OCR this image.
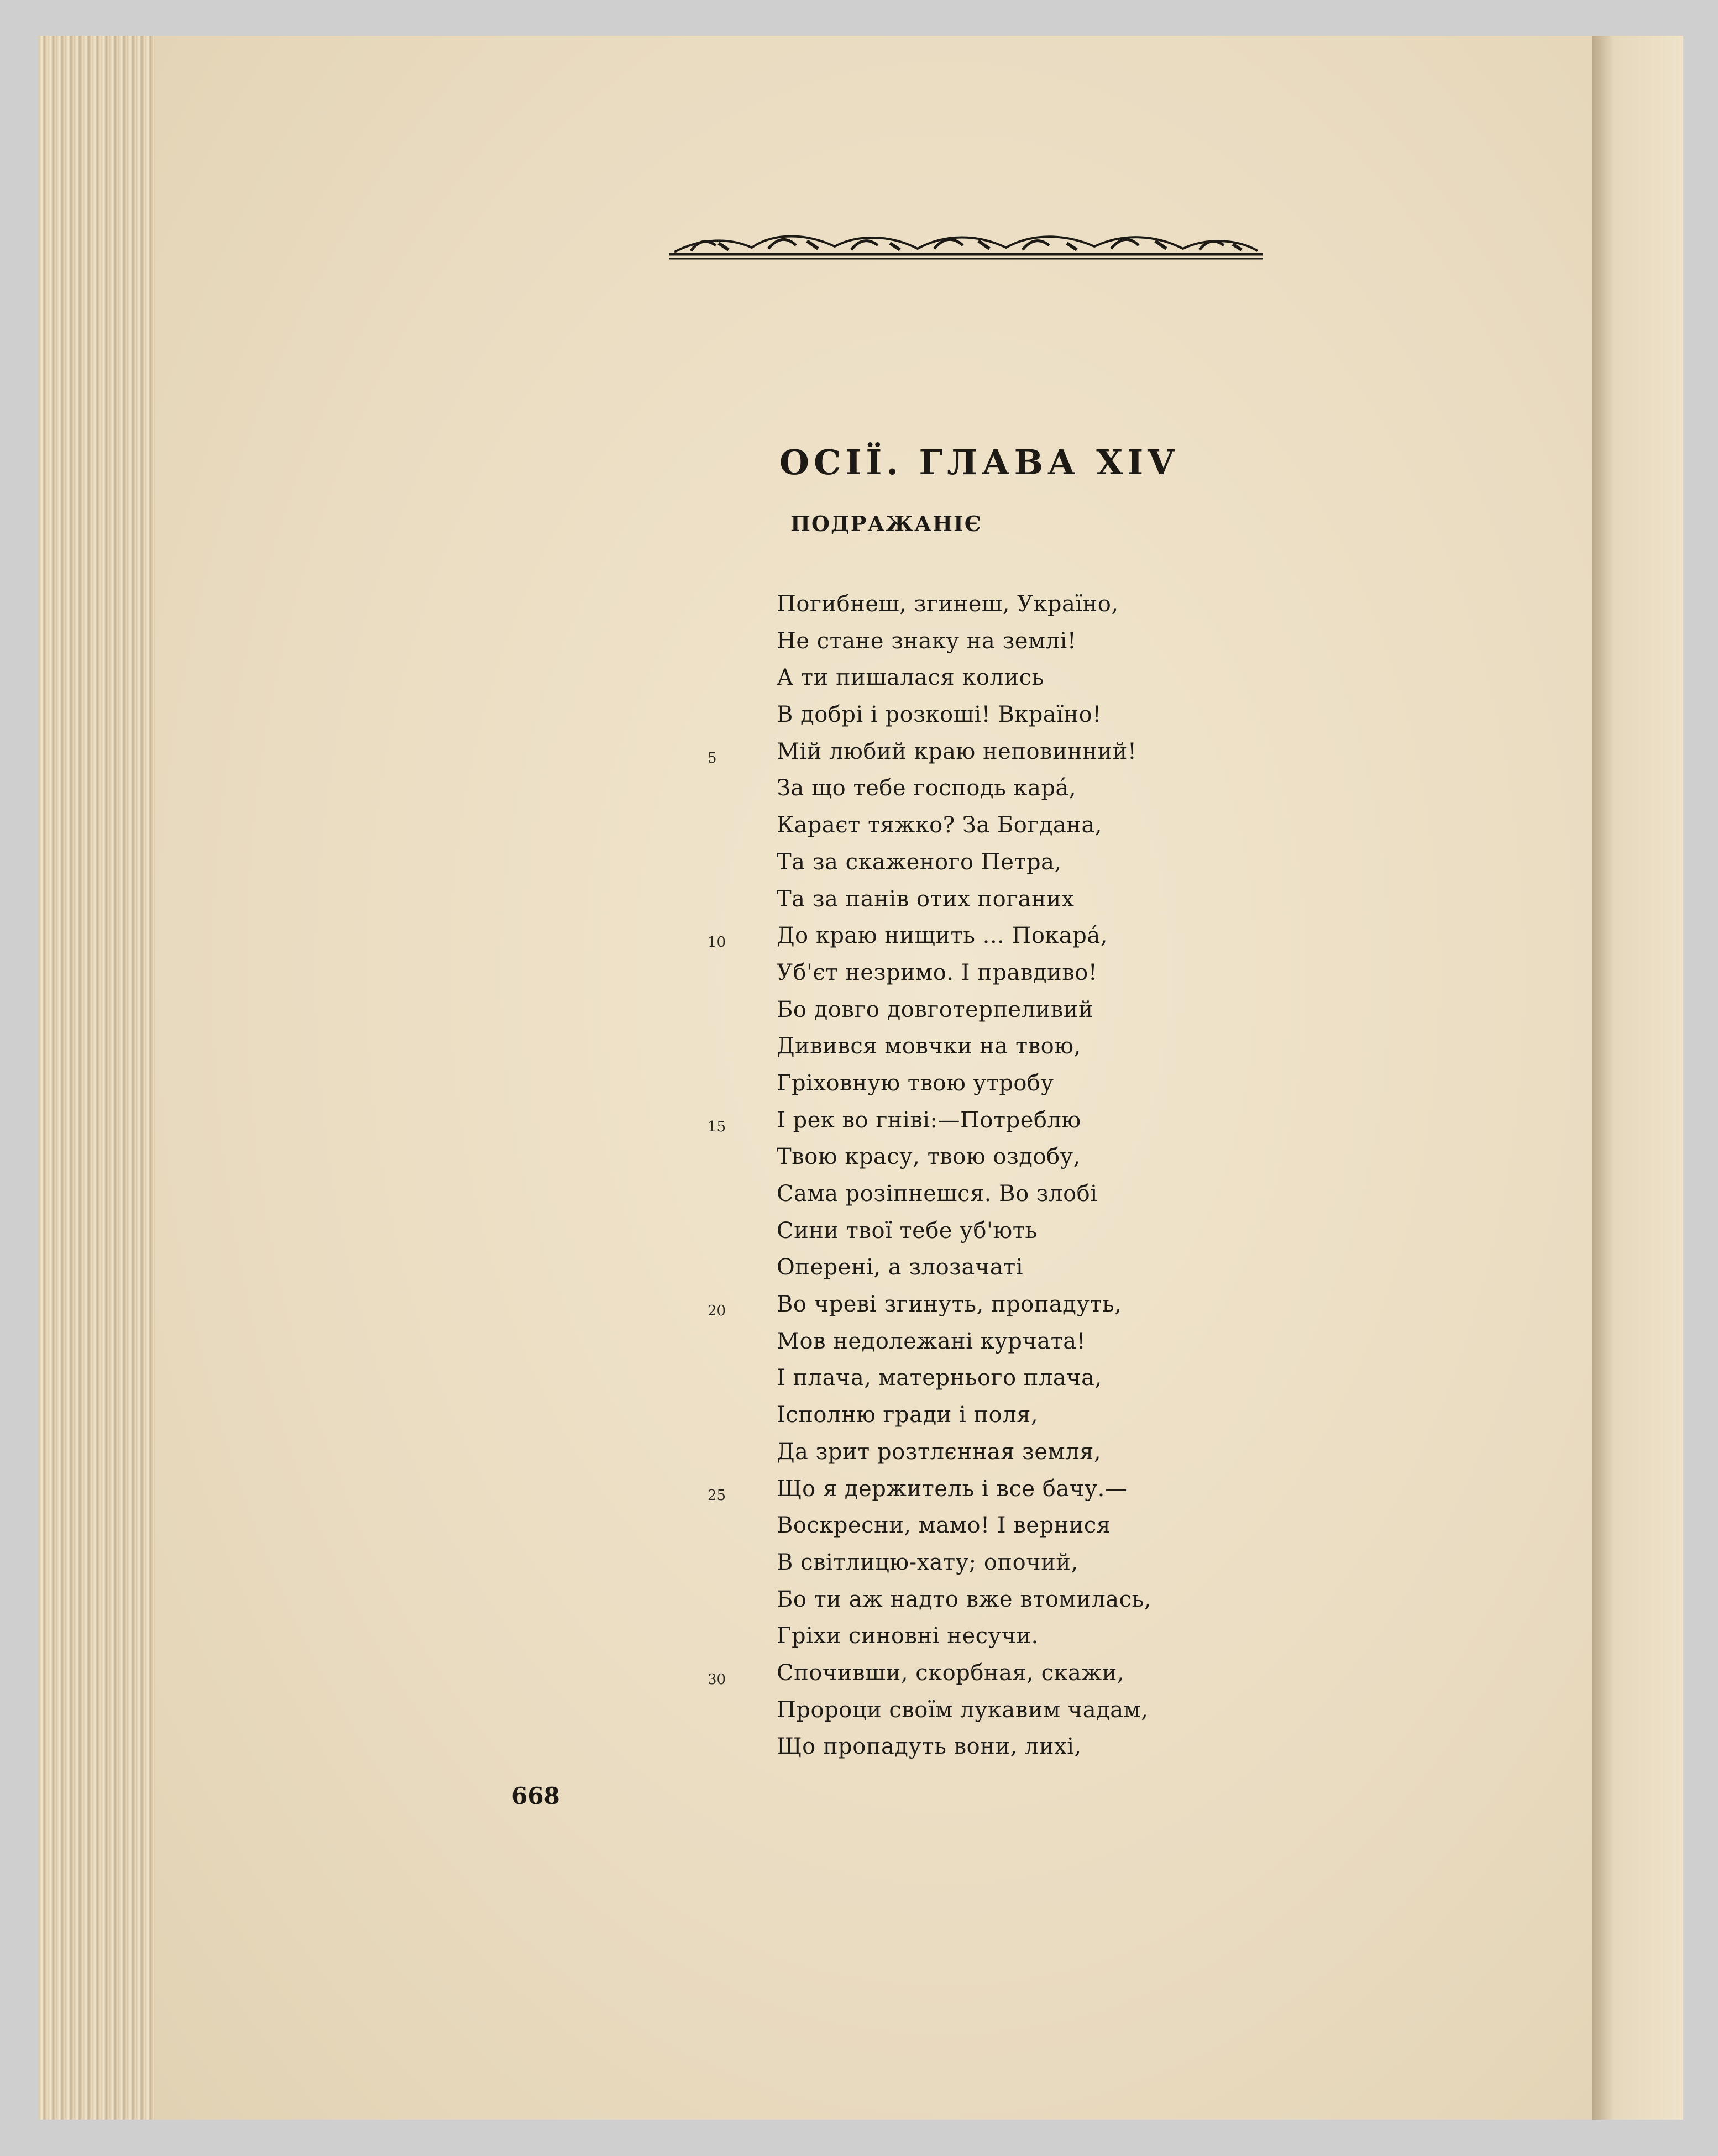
ОСІЇ. ГЛАВА XIV
ПОДРАЖАНІЄ
Погибнеш, згинеш, Україно,
Не стане знаку на землі!
А ти пишалася колись
В добрі і розкоші! Вкраїно!
5	Мій любий краю неповинний!
За що тебе господь кара́,
Караєт тяжко? За Богдана,
Та за скаженого Петра,
Та за панів отих поганих
10	До краю нищить ... Покара́,
Уб'єт незримо. І правдиво!
Бо довго довготерпеливий
Дивився мовчки на твою,
Гріховную твою утробу
15	І рек во гніві:—Потреблю
Твою красу, твою оздобу,
Сама розіпнешся. Во злобі
Сини твої тебе уб'ють
Оперені, а злозачаті
20	Во чреві згинуть, пропадуть,
Мов недолежані курчата!
І плача, матернього плача,
Ісполню гради і поля,
Да зрит розтлєнная земля,
25	Що я держитель і все бачу.—
Воскресни, мамо! І вернися
В світлицю-хату; опочий,
Бо ти аж надто вже втомилась,
Гріхи синовні несучи.
30	Спочивши, скорбная, скажи,
Пророци своїм лукавим чадам,
Що пропадуть вони, лихі,
668
